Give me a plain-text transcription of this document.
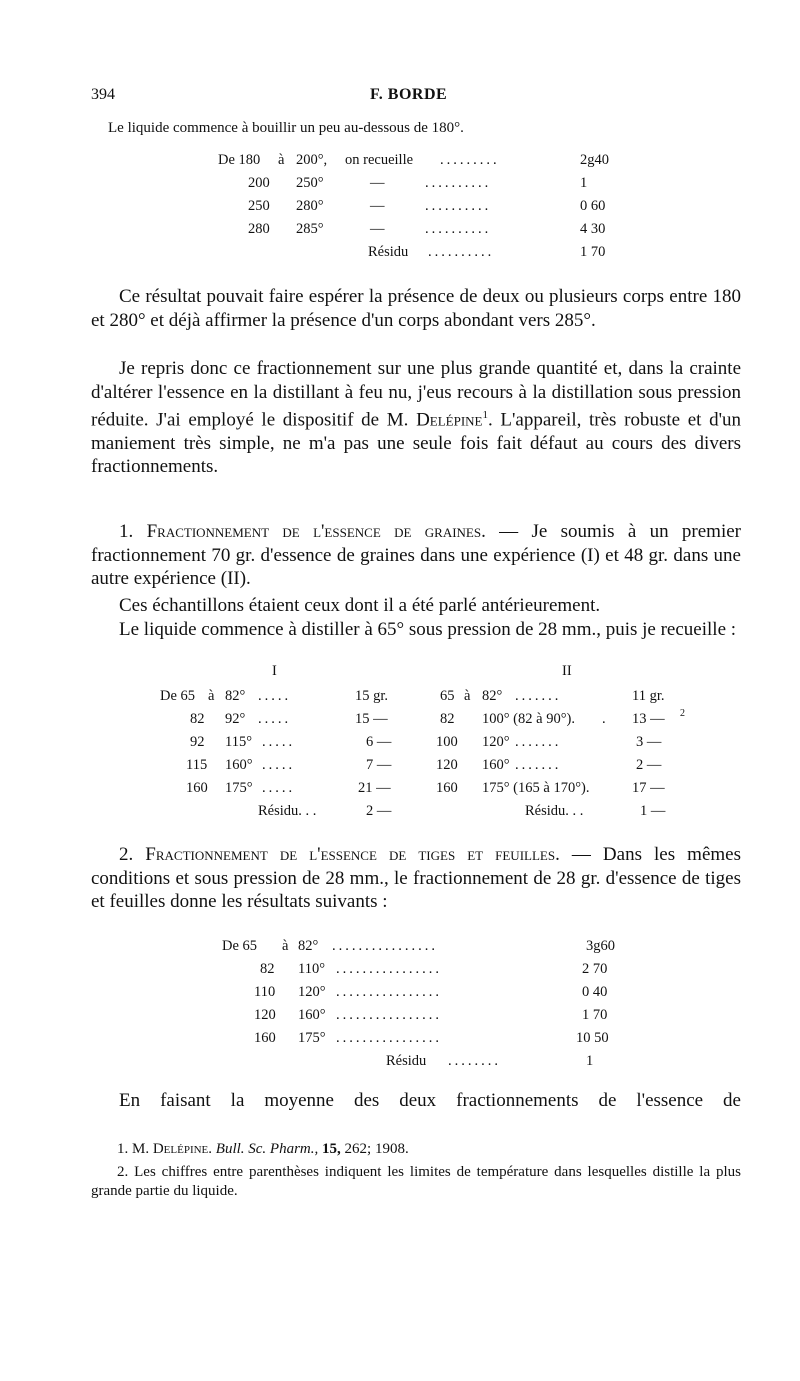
394	F. BORDE
Le liquide commence à bouillir un peu au-dessous de 180°.
De 180 à 200°, on recueille .........	2g40
200 250°	—	..........	1
250 280°	—	..........	0 60
280 285°	—	..........	4 30
Résidu ..........	1 70
Ce résultat pouvait faire espérer la présence de deux ou plusieurs corps entre 180 et 280° et déjà affirmer la présence d'un corps abondant vers 285°.
Je repris donc ce fractionnement sur une plus grande quantité et, dans la crainte d'altérer l'essence en la distillant à feu nu, j'eus recours à la distillation sous pression réduite. J'ai employé le dispositif de M. Delépine$^1$. L'appareil, très robuste et d'un maniement très simple, ne m'a pas une seule fois fait défaut au cours des divers fractionnements.
1. Fractionnement de l'essence de graines. — Je soumis à un premier fractionnement 70 gr. d'essence de graines dans une expérience (I) et 48 gr. dans une autre expérience (II).
Ces échantillons étaient ceux dont il a été parlé antérieurement.
Le liquide commence à distiller à 65° sous pression de 28 mm., puis je recueille :
I	II
De 65 à 82° .....	15 gr.	65 à 82° .......	11 gr.
82 92° .....	15 —	82 100° (82 à 90°). . 13 — 2
92 115° .....	6 —	100 120° .......	3 —
115 160° .....	7 —	120 160° .......	2 —
160 175° .....	21 —	160 175° (165 à 170°).	17 —
Résidu. . .	2 —	Résidu. . .	1 —
2. Fractionnement de l'essence de tiges et feuilles. — Dans les mêmes conditions et sous pression de 28 mm., le fractionnement de 28 gr. d'essence de tiges et feuilles donne les résultats suivants :
De 65 à 82° ................	3g60
82 110° ................	2 70
110 120° ................	0 40
120 160° ................	1 70
160 175° ................	10 50
Résidu ........	1
En faisant la moyenne des deux fractionnements de l'essence de
1. M. Delépine. Bull. Sc. Pharm., 15, 262; 1908.
2. Les chiffres entre parenthèses indiquent les limites de température dans lesquelles distille la plus grande partie du liquide.
